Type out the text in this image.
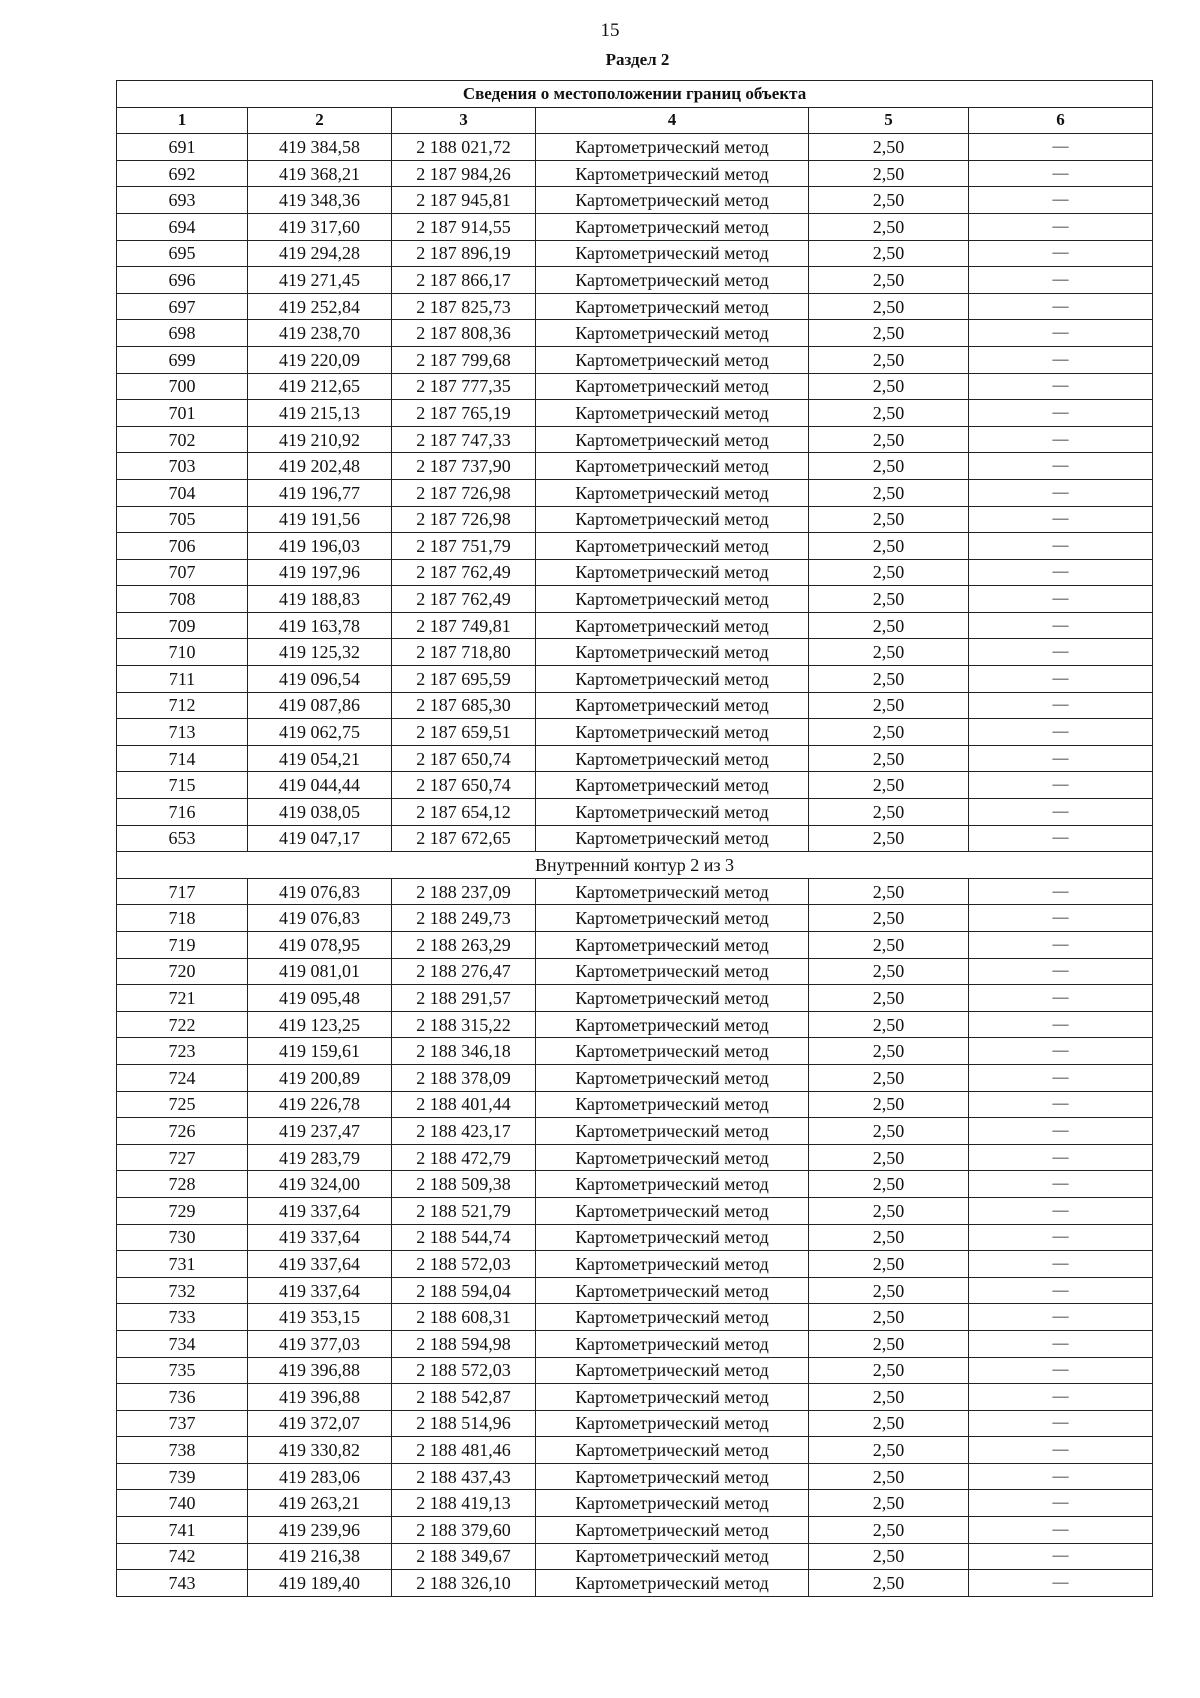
15
Раздел 2
Сведения о местоположении границ объекта					
1	2	3	4	5	6
691	419 384,58	2 188 021,72	Картометрический метод	2,50	—
692	419 368,21	2 187 984,26	Картометрический метод	2,50	—
693	419 348,36	2 187 945,81	Картометрический метод	2,50	—
694	419 317,60	2 187 914,55	Картометрический метод	2,50	—
695	419 294,28	2 187 896,19	Картометрический метод	2,50	—
696	419 271,45	2 187 866,17	Картометрический метод	2,50	—
697	419 252,84	2 187 825,73	Картометрический метод	2,50	—
698	419 238,70	2 187 808,36	Картометрический метод	2,50	—
699	419 220,09	2 187 799,68	Картометрический метод	2,50	—
700	419 212,65	2 187 777,35	Картометрический метод	2,50	—
701	419 215,13	2 187 765,19	Картометрический метод	2,50	—
702	419 210,92	2 187 747,33	Картометрический метод	2,50	—
703	419 202,48	2 187 737,90	Картометрический метод	2,50	—
704	419 196,77	2 187 726,98	Картометрический метод	2,50	—
705	419 191,56	2 187 726,98	Картометрический метод	2,50	—
706	419 196,03	2 187 751,79	Картометрический метод	2,50	—
707	419 197,96	2 187 762,49	Картометрический метод	2,50	—
708	419 188,83	2 187 762,49	Картометрический метод	2,50	—
709	419 163,78	2 187 749,81	Картометрический метод	2,50	—
710	419 125,32	2 187 718,80	Картометрический метод	2,50	—
711	419 096,54	2 187 695,59	Картометрический метод	2,50	—
712	419 087,86	2 187 685,30	Картометрический метод	2,50	—
713	419 062,75	2 187 659,51	Картометрический метод	2,50	—
714	419 054,21	2 187 650,74	Картометрический метод	2,50	—
715	419 044,44	2 187 650,74	Картометрический метод	2,50	—
716	419 038,05	2 187 654,12	Картометрический метод	2,50	—
653	419 047,17	2 187 672,65	Картометрический метод	2,50	—
Внутренний контур 2 из 3					
717	419 076,83	2 188 237,09	Картометрический метод	2,50	—
718	419 076,83	2 188 249,73	Картометрический метод	2,50	—
719	419 078,95	2 188 263,29	Картометрический метод	2,50	—
720	419 081,01	2 188 276,47	Картометрический метод	2,50	—
721	419 095,48	2 188 291,57	Картометрический метод	2,50	—
722	419 123,25	2 188 315,22	Картометрический метод	2,50	—
723	419 159,61	2 188 346,18	Картометрический метод	2,50	—
724	419 200,89	2 188 378,09	Картометрический метод	2,50	—
725	419 226,78	2 188 401,44	Картометрический метод	2,50	—
726	419 237,47	2 188 423,17	Картометрический метод	2,50	—
727	419 283,79	2 188 472,79	Картометрический метод	2,50	—
728	419 324,00	2 188 509,38	Картометрический метод	2,50	—
729	419 337,64	2 188 521,79	Картометрический метод	2,50	—
730	419 337,64	2 188 544,74	Картометрический метод	2,50	—
731	419 337,64	2 188 572,03	Картометрический метод	2,50	—
732	419 337,64	2 188 594,04	Картометрический метод	2,50	—
733	419 353,15	2 188 608,31	Картометрический метод	2,50	—
734	419 377,03	2 188 594,98	Картометрический метод	2,50	—
735	419 396,88	2 188 572,03	Картометрический метод	2,50	—
736	419 396,88	2 188 542,87	Картометрический метод	2,50	—
737	419 372,07	2 188 514,96	Картометрический метод	2,50	—
738	419 330,82	2 188 481,46	Картометрический метод	2,50	—
739	419 283,06	2 188 437,43	Картометрический метод	2,50	—
740	419 263,21	2 188 419,13	Картометрический метод	2,50	—
741	419 239,96	2 188 379,60	Картометрический метод	2,50	—
742	419 216,38	2 188 349,67	Картометрический метод	2,50	—
743	419 189,40	2 188 326,10	Картометрический метод	2,50	—
